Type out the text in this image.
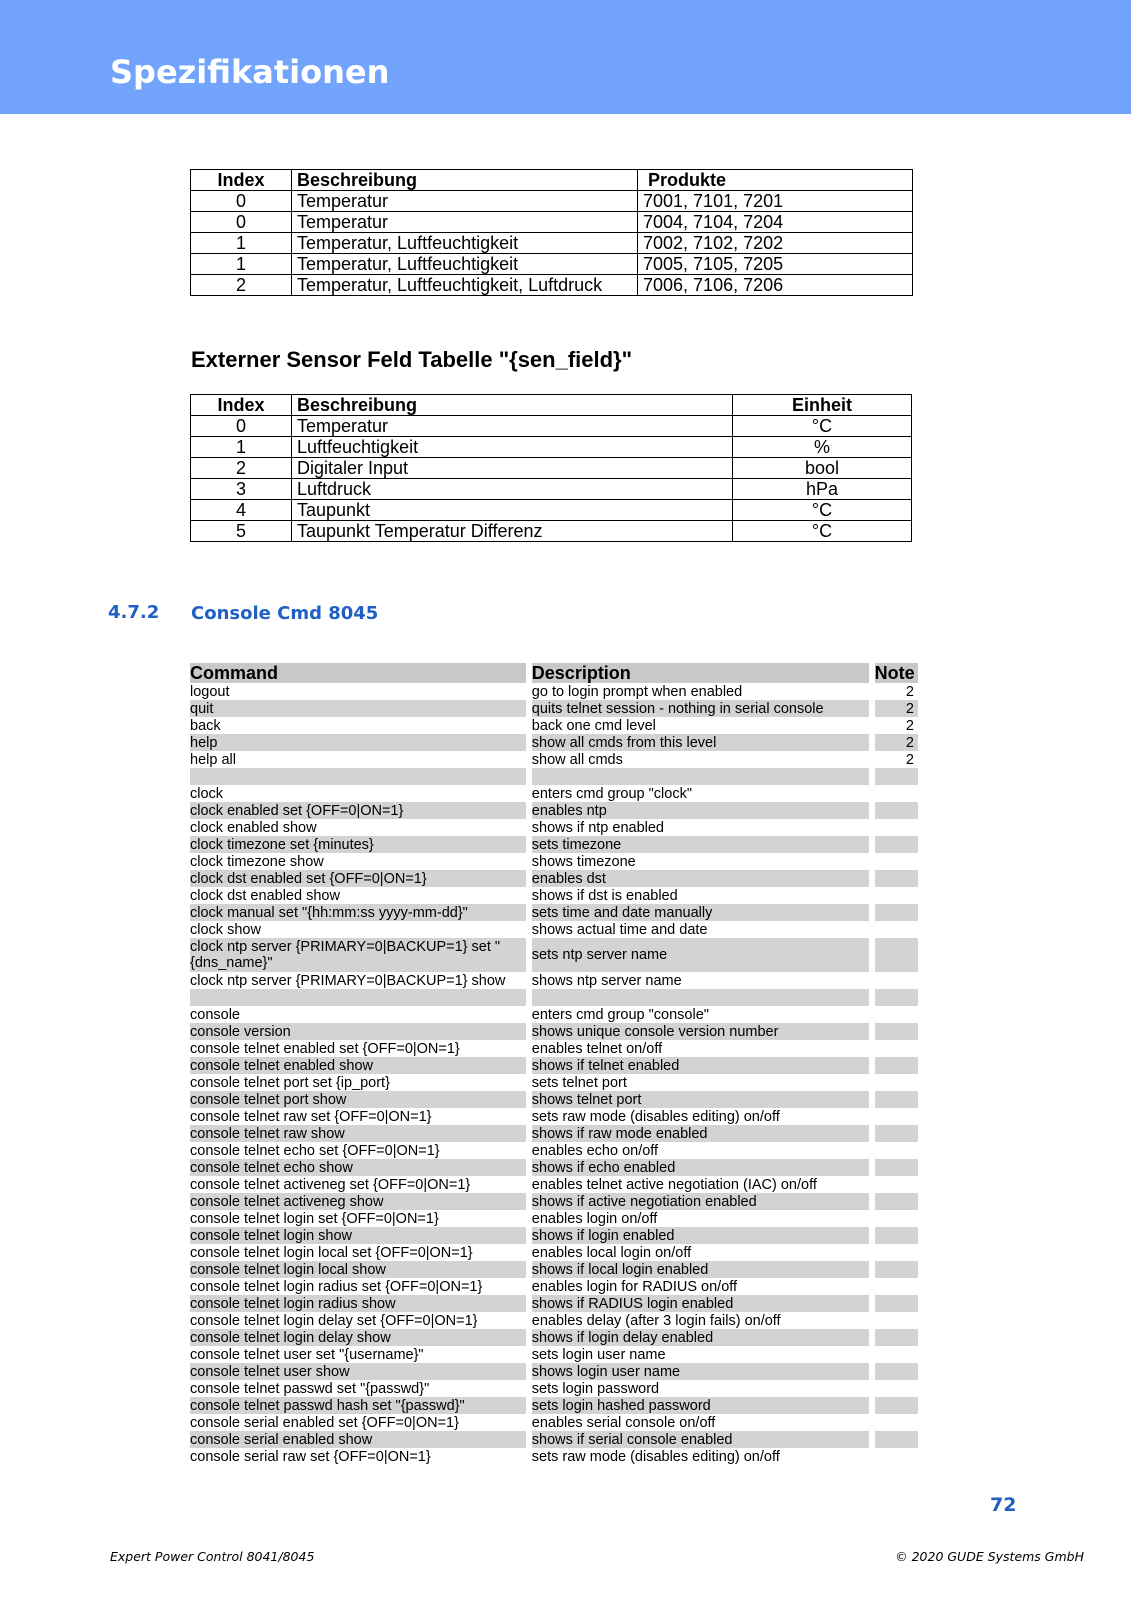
Spezifikationen
Index	Beschreibung	Produkte
0	Temperatur	7001, 7101, 7201
0	Temperatur	7004, 7104, 7204
1	Temperatur, Luftfeuchtigkeit	7002, 7102, 7202
1	Temperatur, Luftfeuchtigkeit	7005, 7105, 7205
2	Temperatur, Luftfeuchtigkeit, Luftdruck	7006, 7106, 7206
Externer Sensor Feld Tabelle "{sen_field}"
Index	Beschreibung	Einheit
0	Temperatur	°C
1	Luftfeuchtigkeit	%
2	Digitaler Input	bool
3	Luftdruck	hPa
4	Taupunkt	°C
5	Taupunkt Temperatur Differenz	°C
4.7.2 Console Cmd 8045
Command	Description	Note
logout	go to login prompt when enabled	2
quit	quits telnet session - nothing in serial console	2
back	back one cmd level	2
help	show all cmds from this level	2
help all	show all cmds	2

clock	enters cmd group "clock"	
clock enabled set {OFF=0|ON=1}	enables ntp	
clock enabled show	shows if ntp enabled	
clock timezone set {minutes}	sets timezone	
clock timezone show	shows timezone	
clock dst enabled set {OFF=0|ON=1}	enables dst	
clock dst enabled show	shows if dst is enabled	
clock manual set "{hh:mm:ss yyyy-mm-dd}"	sets time and date manually	
clock show	shows actual time and date	
clock ntp server {PRIMARY=0|BACKUP=1} set "{dns_name}"	sets ntp server name	
clock ntp server {PRIMARY=0|BACKUP=1} show	shows ntp server name	

console	enters cmd group "console"	
console version	shows unique console version number	
console telnet enabled set {OFF=0|ON=1}	enables telnet on/off	
console telnet enabled show	shows if telnet enabled	
console telnet port set {ip_port}	sets telnet port	
console telnet port show	shows telnet port	
console telnet raw set {OFF=0|ON=1}	sets raw mode (disables editing) on/off	
console telnet raw show	shows if raw mode enabled	
console telnet echo set {OFF=0|ON=1}	enables echo on/off	
console telnet echo show	shows if echo enabled	
console telnet activeneg set {OFF=0|ON=1}	enables telnet active negotiation (IAC) on/off	
console telnet activeneg show	shows if active negotiation enabled	
console telnet login set {OFF=0|ON=1}	enables login on/off	
console telnet login show	shows if login enabled	
console telnet login local set {OFF=0|ON=1}	enables local login on/off	
console telnet login local show	shows if local login enabled	
console telnet login radius set {OFF=0|ON=1}	enables login for RADIUS on/off	
console telnet login radius show	shows if RADIUS login enabled	
console telnet login delay set {OFF=0|ON=1}	enables delay (after 3 login fails) on/off	
console telnet login delay show	shows if login delay enabled	
console telnet user set "{username}"	sets login user name	
console telnet user show	shows login user name	
console telnet passwd set "{passwd}"	sets login password	
console telnet passwd hash set "{passwd}"	sets login hashed password	
console serial enabled set {OFF=0|ON=1}	enables serial console on/off	
console serial enabled show	shows if serial console enabled	
console serial raw set {OFF=0|ON=1}	sets raw mode (disables editing) on/off	
72
Expert Power Control 8041/8045	© 2020 GUDE Systems GmbH
